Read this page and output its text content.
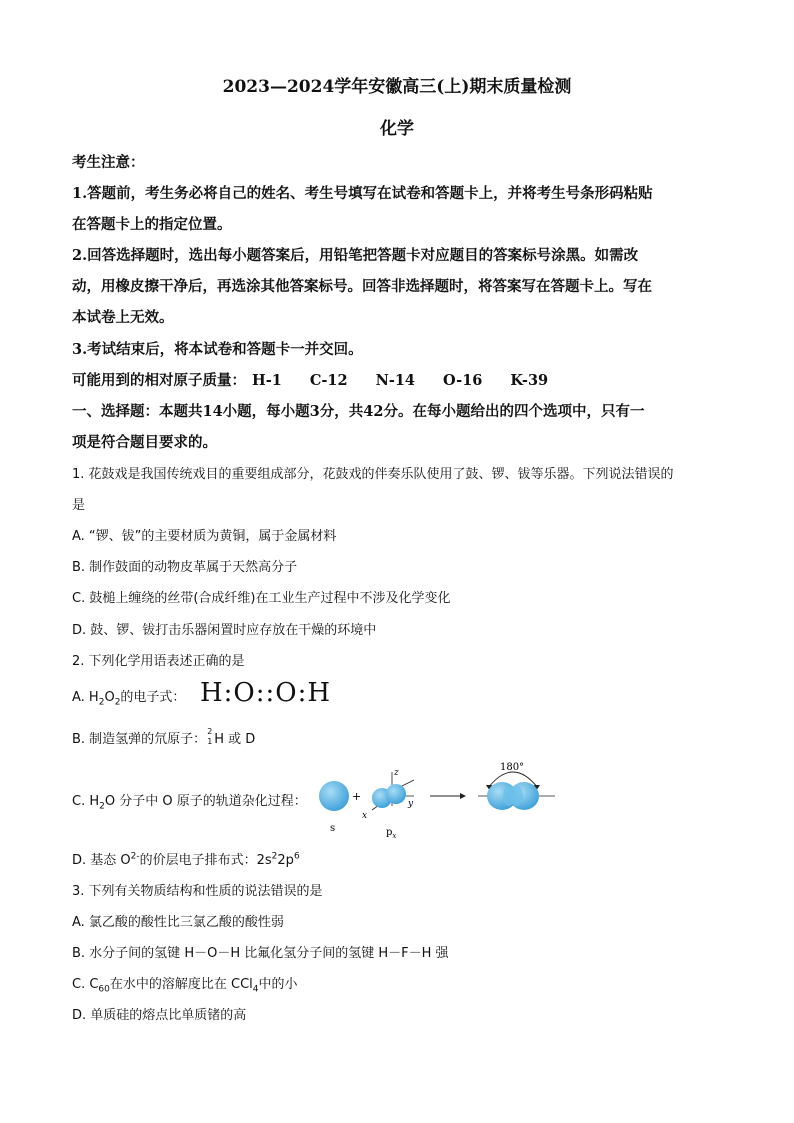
2023—2024学年安徽高三(上)期末质量检测
化学
考生注意：
1.答题前，考生务必将自己的姓名、考生号填写在试卷和答题卡上，并将考生号条形码粘贴
在答题卡上的指定位置。
2.回答选择题时，选出每小题答案后，用铅笔把答题卡对应题目的答案标号涂黑。如需改
动，用橡皮擦干净后，再选涂其他答案标号。回答非选择题时，将答案写在答题卡上。写在
本试卷上无效。
3.考试结束后，将本试卷和答题卡一并交回。
可能用到的相对原子质量： H-1 C-12 N-14 O-16 K-39
一、选择题：本题共14小题，每小题3分，共42分。在每小题给出的四个选项中，只有一
项是符合题目要求的。
1. 花鼓戏是我国传统戏目的重要组成部分，花鼓戏的伴奏乐队使用了鼓、锣、钹等乐器。下列说法错误的
是
A. “锣、钹”的主要材质为黄铜，属于金属材料
B. 制作鼓面的动物皮革属于天然高分子
C. 鼓槌上缠绕的丝带(合成纤维)在工业生产过程中不涉及化学变化
D. 鼓、锣、钹打击乐器闲置时应存放在干燥的环境中
2. 下列化学用语表述正确的是
A. $H_2O_2$的电子式： H:O::O:H
B. 制造氢弹的氘原子：
2
1 H 或 D
C. $H_2O$ 分子中 O 原子的轨道杂化过程：
s
+
z
y
x
$p_x$
180°
D. 基态 $O^{2-}$的价层电子排布式：$2s^22p^6$
3. 下列有关物质结构和性质的说法错误的是
A. 氯乙酸的酸性比三氯乙酸的酸性弱
B. 水分子间的氢键 H－O－H 比氟化氢分子间的氢键 H－F－H 强
C. $C_{60}$在水中的溶解度比在 CCl$_4$中的小
D. 单质硅的熔点比单质锗的高
